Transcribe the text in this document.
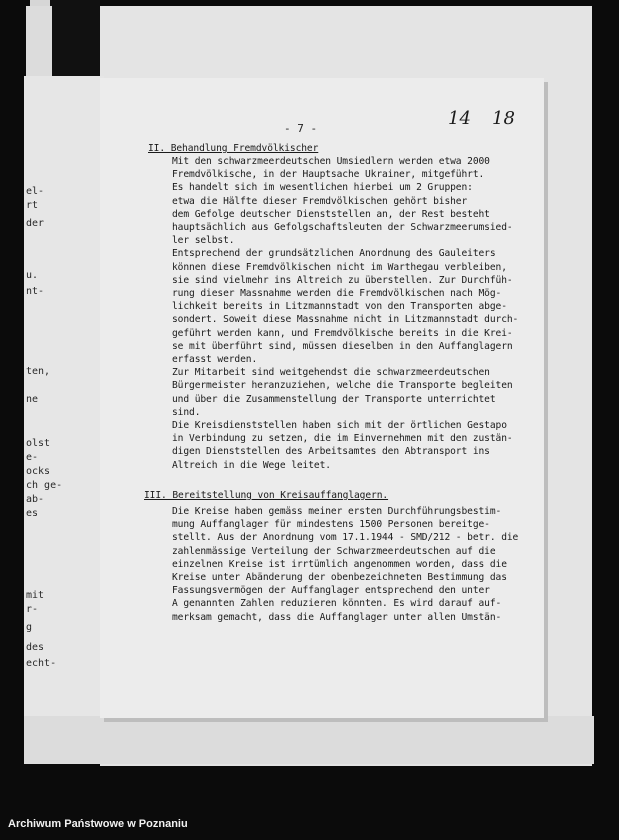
el-
rt
der
u.
nt-
ten,
ne
olst
e-
ocks
ch ge-
ab-
es
mit
r-
g
des
echt-
- 7 -	14 18
II. Behandlung Fremdvölkischer
Mit den schwarzmeerdeutschen Umsiedlern werden etwa 2000
Fremdvölkische, in der Hauptsache Ukrainer, mitgeführt.
Es handelt sich im wesentlichen hierbei um 2 Gruppen:
etwa die Hälfte dieser Fremdvölkischen gehört bisher
dem Gefolge deutscher Dienststellen an, der Rest besteht
hauptsächlich aus Gefolgschaftsleuten der Schwarzmeerumsied-
ler selbst.
Entsprechend der grundsätzlichen Anordnung des Gauleiters
können diese Fremdvölkischen nicht im Warthegau verbleiben,
sie sind vielmehr ins Altreich zu überstellen. Zur Durchfüh-
rung dieser Massnahme werden die Fremdvölkischen nach Mög-
lichkeit bereits in Litzmannstadt von den Transporten abge-
sondert. Soweit diese Massnahme nicht in Litzmannstadt durch-
geführt werden kann, und Fremdvölkische bereits in die Krei-
se mit überführt sind, müssen dieselben in den Auffanglagern
erfasst werden.
Zur Mitarbeit sind weitgehendst die schwarzmeerdeutschen
Bürgermeister heranzuziehen, welche die Transporte begleiten
und über die Zusammenstellung der Transporte unterrichtet
sind.
Die Kreisdienststellen haben sich mit der örtlichen Gestapo
in Verbindung zu setzen, die im Einvernehmen mit den zustän-
digen Dienststellen des Arbeitsamtes den Abtransport ins
Altreich in die Wege leitet.
III. Bereitstellung von Kreisauffanglagern.
Die Kreise haben gemäss meiner ersten Durchführungsbestim-
mung Auffanglager für mindestens 1500 Personen bereitge-
stellt. Aus der Anordnung vom 17.1.1944 - SMD/212 - betr. die
zahlenmässige Verteilung der Schwarzmeerdeutschen auf die
einzelnen Kreise ist irrtümlich angenommen worden, dass die
Kreise unter Abänderung der obenbezeichneten Bestimmung das
Fassungsvermögen der Auffanglager entsprechend den unter
A genannten Zahlen reduzieren könnten. Es wird darauf auf-
merksam gemacht, dass die Auffanglager unter allen Umstän-
Archiwum Państwowe w Poznaniu
